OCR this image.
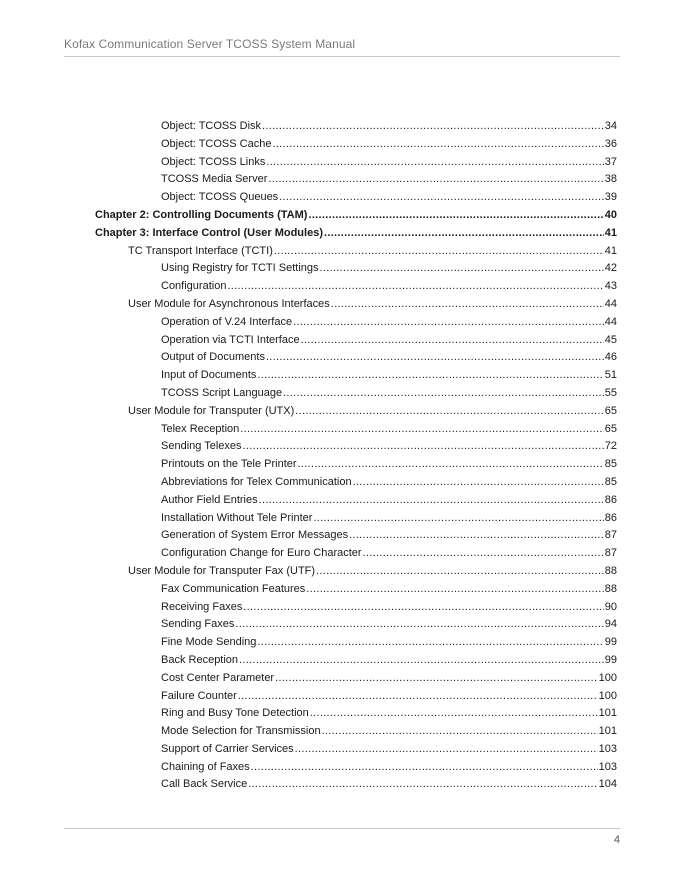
Kofax Communication Server TCOSS System Manual
Object: TCOSS Disk .....	34
Object: TCOSS Cache .....	36
Object: TCOSS Links .....	37
TCOSS Media Server .....	38
Object: TCOSS Queues .....	39
Chapter 2: Controlling Documents (TAM) .....	40
Chapter 3: Interface Control (User Modules) .....	41
TC Transport Interface (TCTI) .....	41
Using Registry for TCTI Settings .....	42
Configuration .....	43
User Module for Asynchronous Interfaces .....	44
Operation of V.24 Interface .....	44
Operation via TCTI Interface .....	45
Output of Documents .....	46
Input of Documents .....	51
TCOSS Script Language .....	55
User Module for Transputer (UTX) .....	65
Telex Reception .....	65
Sending Telexes .....	72
Printouts on the Tele Printer .....	85
Abbreviations for Telex Communication .....	85
Author Field Entries .....	86
Installation Without Tele Printer .....	86
Generation of System Error Messages .....	87
Configuration Change for Euro Character .....	87
User Module for Transputer Fax (UTF) .....	88
Fax Communication Features .....	88
Receiving Faxes .....	90
Sending Faxes .....	94
Fine Mode Sending .....	99
Back Reception .....	99
Cost Center Parameter .....	100
Failure Counter .....	100
Ring and Busy Tone Detection .....	101
Mode Selection for Transmission .....	101
Support of Carrier Services .....	103
Chaining of Faxes .....	103
Call Back Service .....	104
4
